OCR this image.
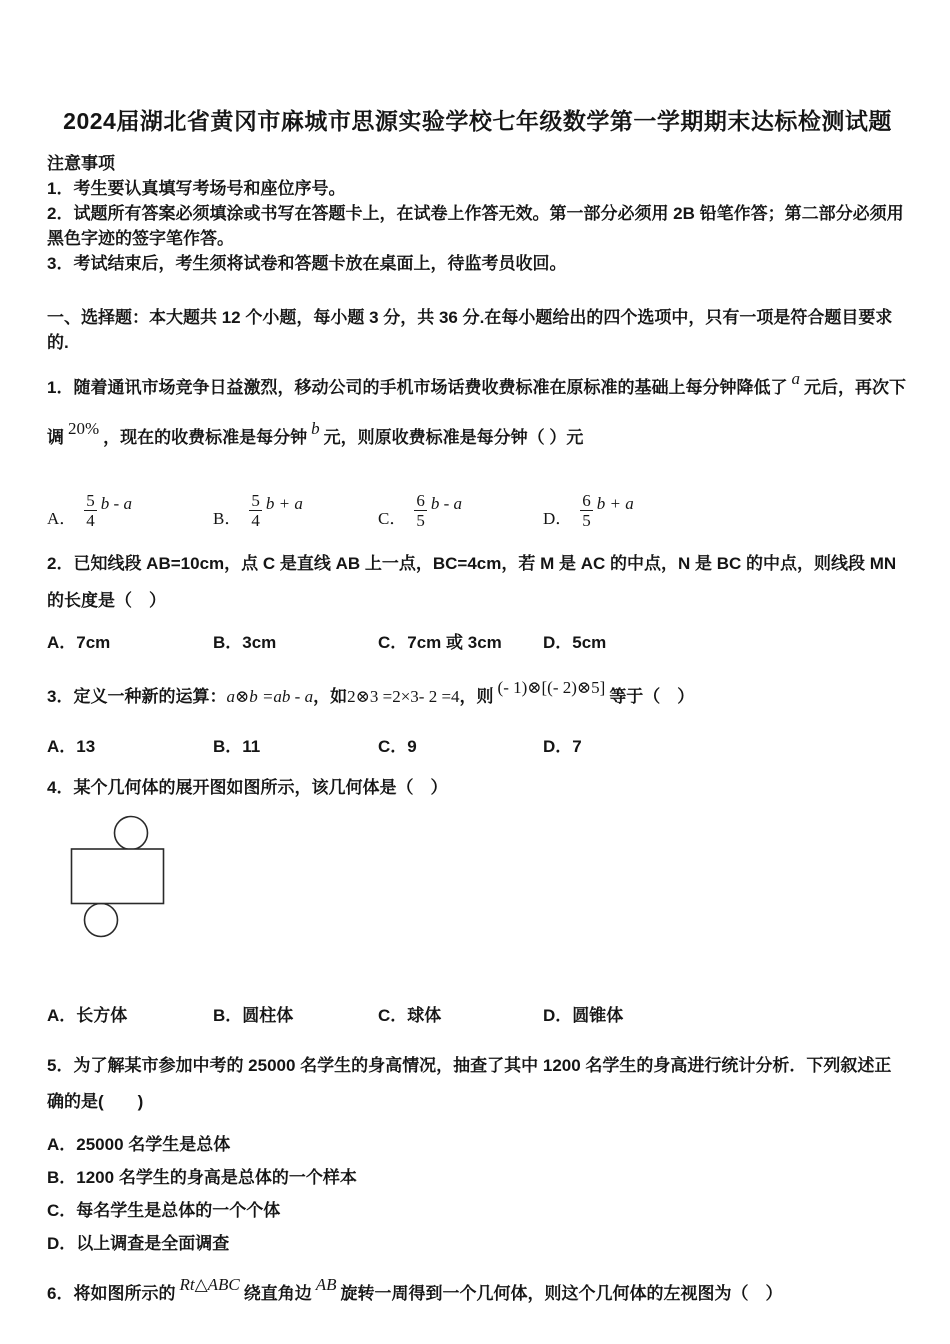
2024届湖北省黄冈市麻城市思源实验学校七年级数学第一学期期末达标检测试题
注意事项

1．考生要认真填写考场号和座位序号。

2．试题所有答案必须填涂或书写在答题卡上，在试卷上作答无效。第一部分必须用 2B 铅笔作答；第二部分必须用黑色字迹的签字笔作答。

3．考试结束后，考生须将试卷和答题卡放在桌面上，待监考员收回。

一、选择题：本大题共 12 个小题，每小题 3 分，共 36 分.在每小题给出的四个选项中，只有一项是符合题目要求的.

1．随着通讯市场竞争日益激烈，移动公司的手机市场话费收费标准在原标准的基础上每分钟降低了 a 元后，再次下调 20% ，现在的收费标准是每分钟 b 元，则原收费标准是每分钟（ ）元

A． $\frac{5}{4}$ b - a
B． $\frac{5}{4}$ b + a
C． $\frac{6}{5}$ b - a
D． $\frac{6}{5}$ b + a

2．已知线段 AB=10cm，点 C 是直线 AB 上一点，BC=4cm，若 M 是 AC 的中点，N 是 BC 的中点，则线段 MN 的长度是（　）

A．7cm	B．3cm	C．7cm 或 3cm	D．5cm

3．定义一种新的运算：a⊗b =ab - a，如2⊗3 =2×3- 2 =4，则 (- 1)⊗[(- 2)⊗5] 等于（　）

A．13	B．11	C．9	D．7

4．某个几何体的展开图如图所示，该几何体是（　）

A．长方体	B．圆柱体	C．球体	D．圆锥体

5．为了解某市参加中考的 25000 名学生的身高情况，抽查了其中 1200 名学生的身高进行统计分析．下列叙述正确的是(　　)

A．25000 名学生是总体

B．1200 名学生的身高是总体的一个样本

C．每名学生是总体的一个个体

D．以上调查是全面调查

6．将如图所示的 Rt△ABC 绕直角边 AB 旋转一周得到一个几何体，则这个几何体的左视图为（　）
